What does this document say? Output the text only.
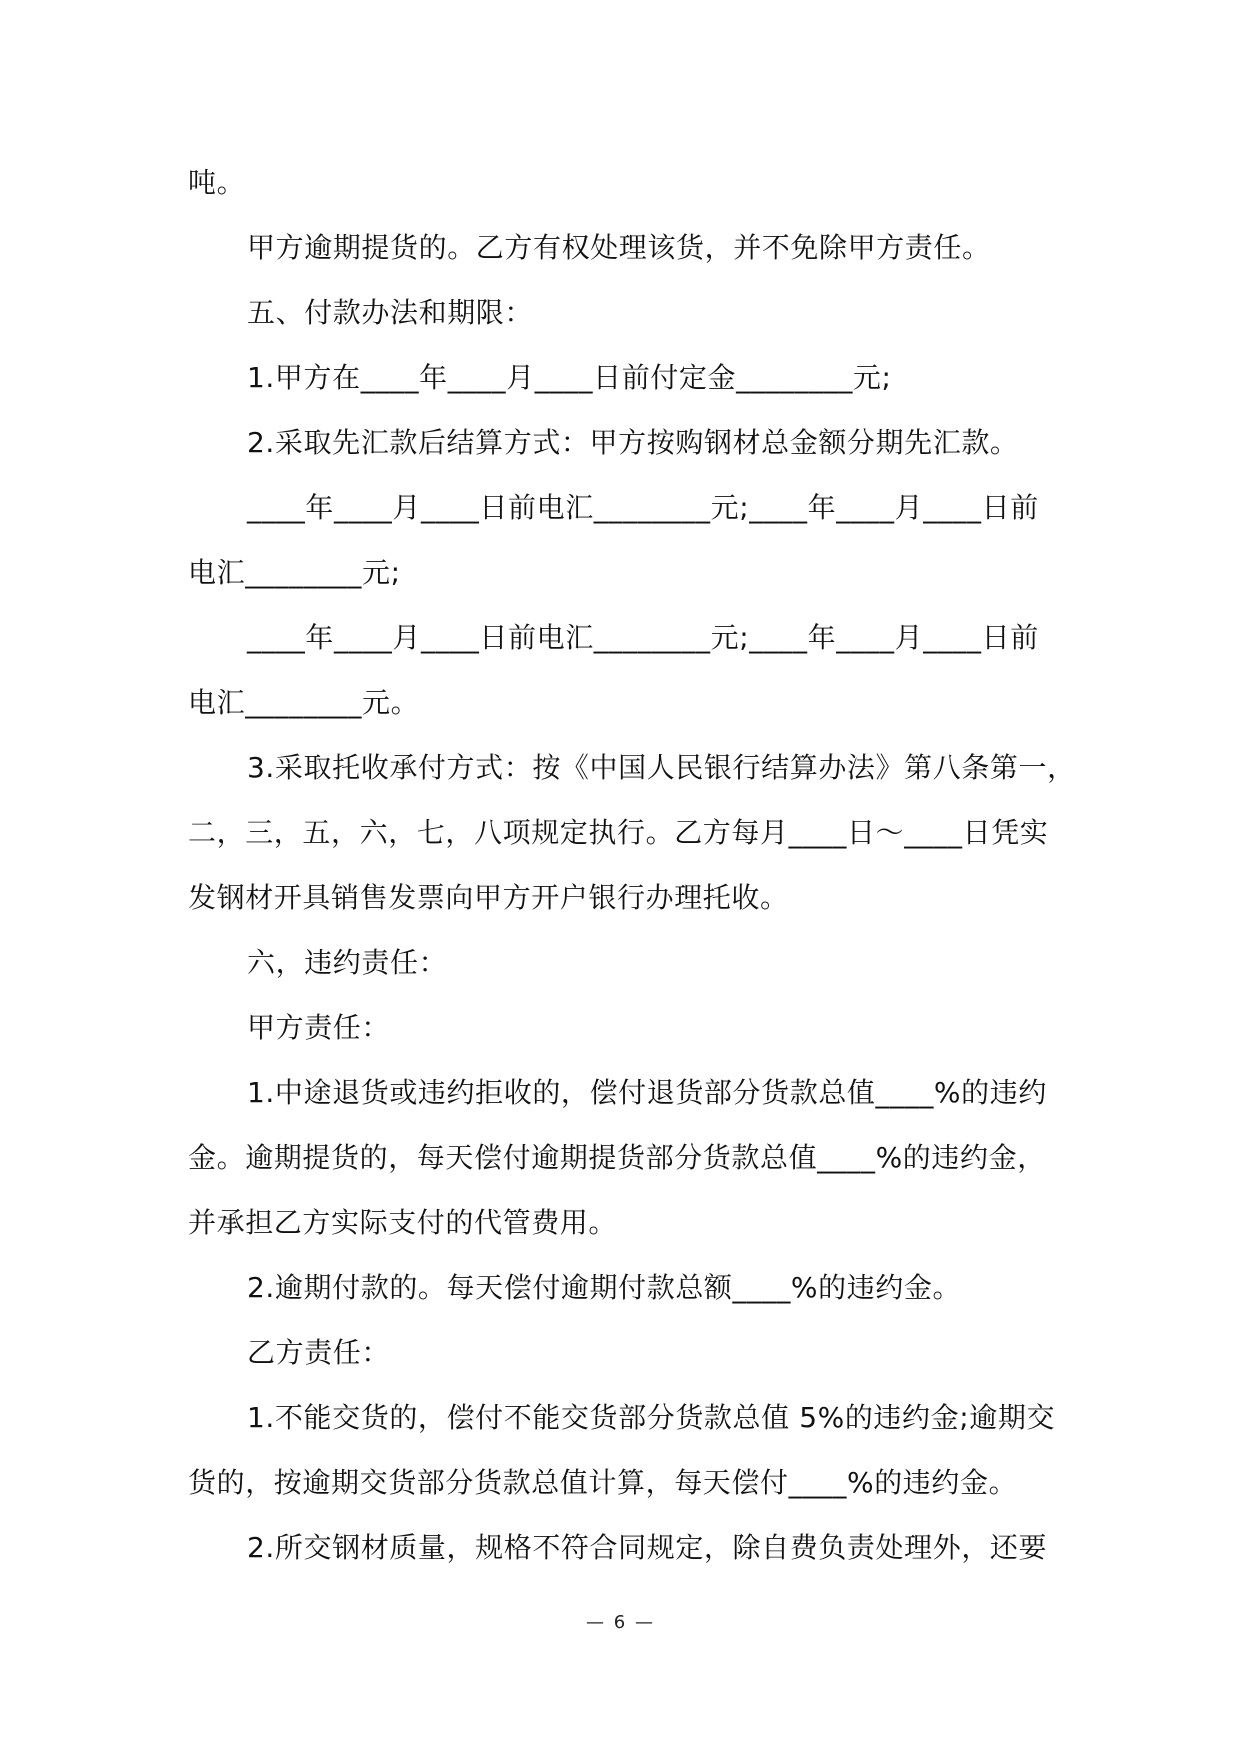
吨。
甲方逾期提货的。乙方有权处理该货，并不免除甲方责任。
五、付款办法和期限：
1.甲方在____年____月____日前付定金________元;
2.采取先汇款后结算方式：甲方按购钢材总金额分期先汇款。
____年____月____日前电汇________元;____年____月____日前
电汇________元;
____年____月____日前电汇________元;____年____月____日前
电汇________元。
3.采取托收承付方式：按《中国人民银行结算办法》第八条第一，
二，三，五，六，七，八项规定执行。乙方每月____日～____日凭实
发钢材开具销售发票向甲方开户银行办理托收。
六，违约责任：
甲方责任：
1.中途退货或违约拒收的，偿付退货部分货款总值____%的违约
金。逾期提货的，每天偿付逾期提货部分货款总值____%的违约金，
并承担乙方实际支付的代管费用。
2.逾期付款的。每天偿付逾期付款总额____%的违约金。
乙方责任：
1.不能交货的，偿付不能交货部分货款总值 5%的违约金;逾期交
货的，按逾期交货部分货款总值计算，每天偿付____%的违约金。
2.所交钢材质量，规格不符合同规定，除自费负责处理外，还要
— 6 —
